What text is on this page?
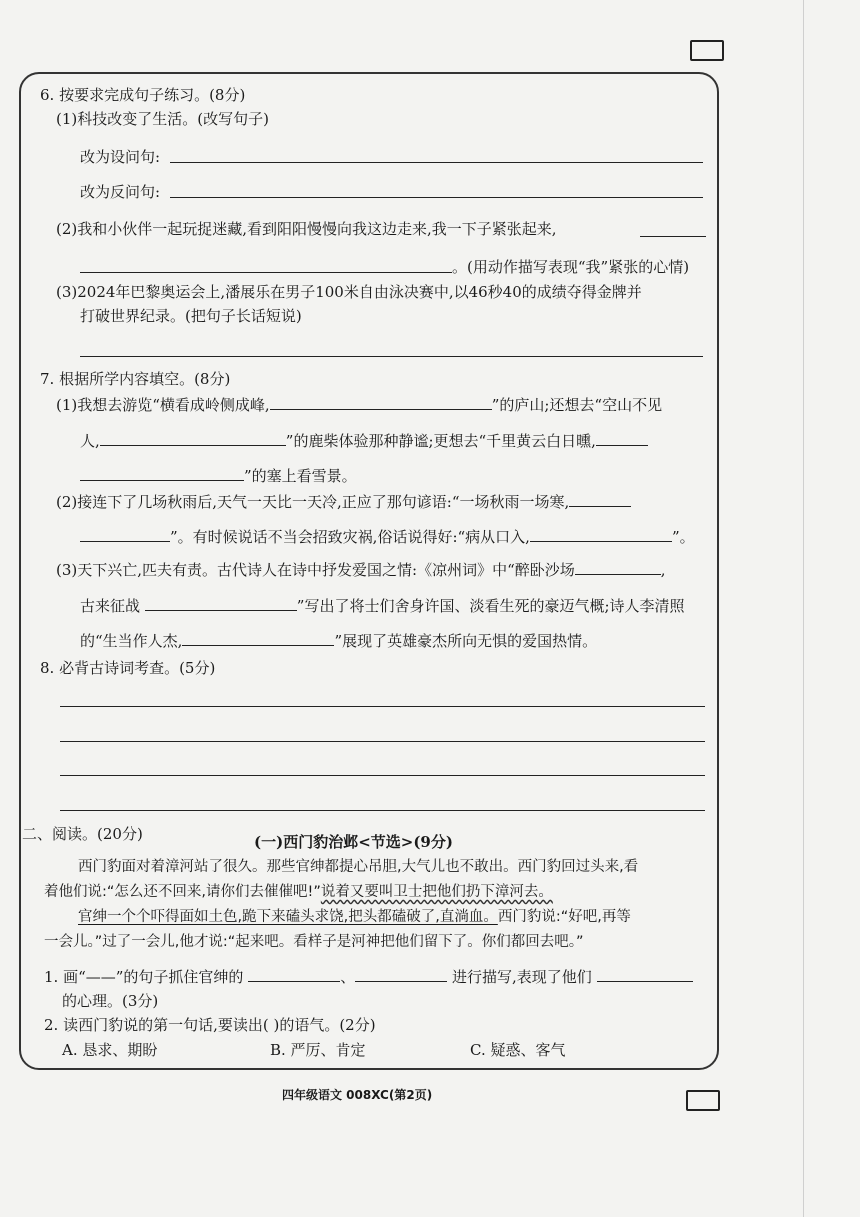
6. 按要求完成句子练习。(8分)
(1)科技改变了生活。(改写句子)
改为设问句:
改为反问句:
(2)我和小伙伴一起玩捉迷藏,看到阳阳慢慢向我这边走来,我一下子紧张起来,
。(用动作描写表现“我”紧张的心情)
(3)2024年巴黎奥运会上,潘展乐在男子100米自由泳决赛中,以46秒40的成绩夺得金牌并
打破世界纪录。(把句子长话短说)
7. 根据所学内容填空。(8分)
(1)我想去游览“横看成岭侧成峰,	”的庐山;还想去“空山不见
人,	”的鹿柴体验那种静谧;更想去“千里黄云白日曛,
”的塞上看雪景。
(2)接连下了几场秋雨后,天气一天比一天冷,正应了那句谚语:“一场秋雨一场寒,
”。有时候说话不当会招致灾祸,俗话说得好:“病从口入,	”。
(3)天下兴亡,匹夫有责。古代诗人在诗中抒发爱国之情:《凉州词》中“醉卧沙场	,
古来征战	”写出了将士们舍身许国、淡看生死的豪迈气概;诗人李清照
的“生当作人杰,	”展现了英雄豪杰所向无惧的爱国热情。
8. 必背古诗词考查。(5分)
二、阅读。(20分)	(一)西门豹治邺<节选>(9分)
西门豹面对着漳河站了很久。那些官绅都提心吊胆,大气儿也不敢出。西门豹回过头来,看
着他们说:“怎么还不回来,请你们去催催吧!”说着又要叫卫士把他们扔下漳河去。
官绅一个个吓得面如土色,跪下来磕头求饶,把头都磕破了,直淌血。西门豹说:“好吧,再等
一会儿。”过了一会儿,他才说:“起来吧。看样子是河神把他们留下了。你们都回去吧。”
1. 画“——”的句子抓住官绅的	、	进行描写,表现了他们
的心理。(3分)
2. 读西门豹说的第一句话,要读出( )的语气。(2分)
A. 恳求、期盼	B. 严厉、肯定	C. 疑惑、客气
四年级语文 008XC(第2页)
